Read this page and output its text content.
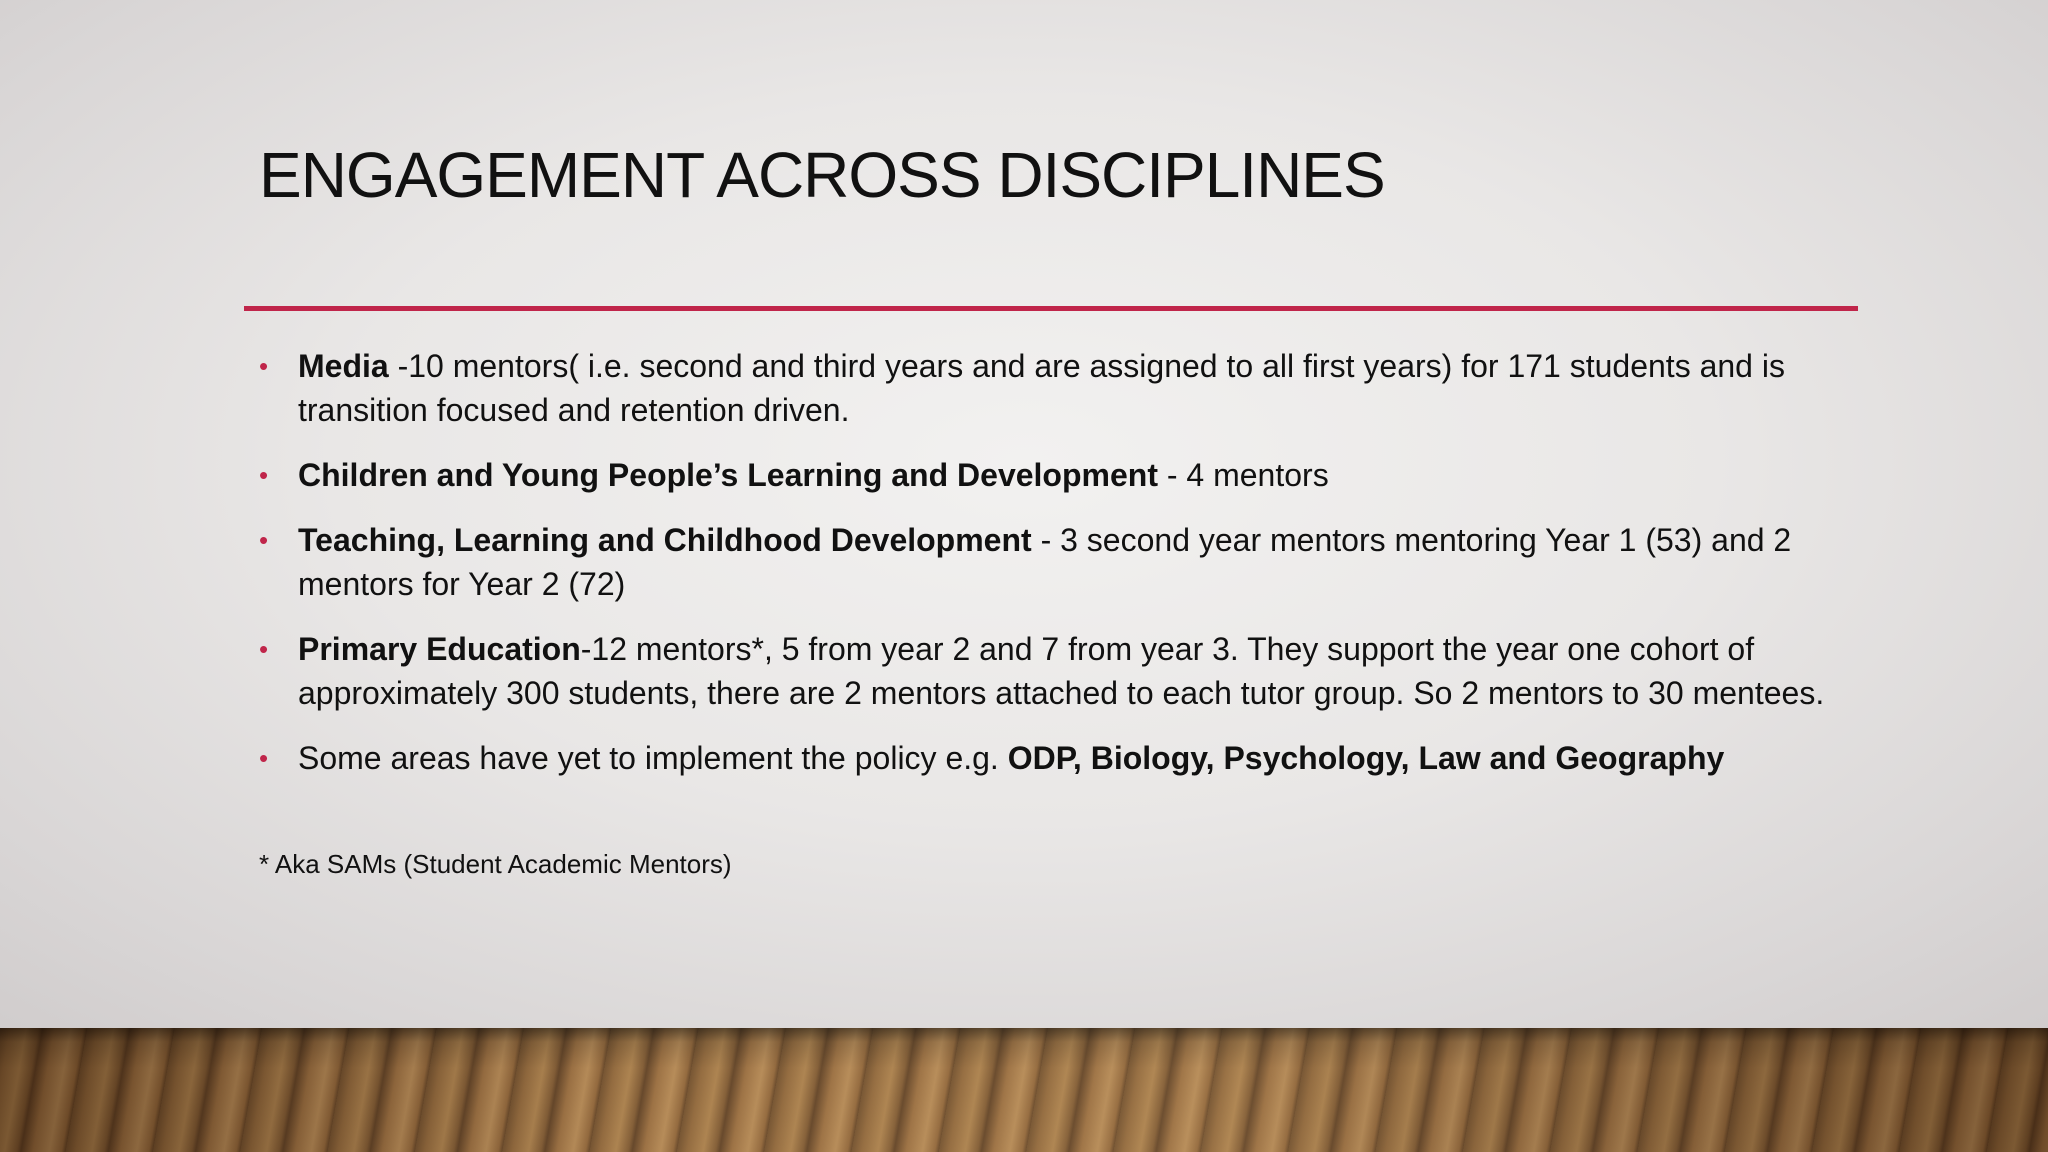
ENGAGEMENT ACROSS DISCIPLINES
• Media -10 mentors( i.e. second and third years and are assigned to all first years) for 171 students and is transition focused and retention driven.
• Children and Young People’s Learning and Development - 4 mentors
• Teaching, Learning and Childhood Development - 3 second year mentors mentoring Year 1 (53) and 2 mentors for Year 2 (72)
• Primary Education-12 mentors*, 5 from year 2 and 7 from year 3. They support the year one cohort of approximately 300 students, there are 2 mentors attached to each tutor group. So 2 mentors to 30 mentees.
• Some areas have yet to implement the policy e.g. ODP, Biology, Psychology, Law and Geography
* Aka SAMs (Student Academic Mentors)
